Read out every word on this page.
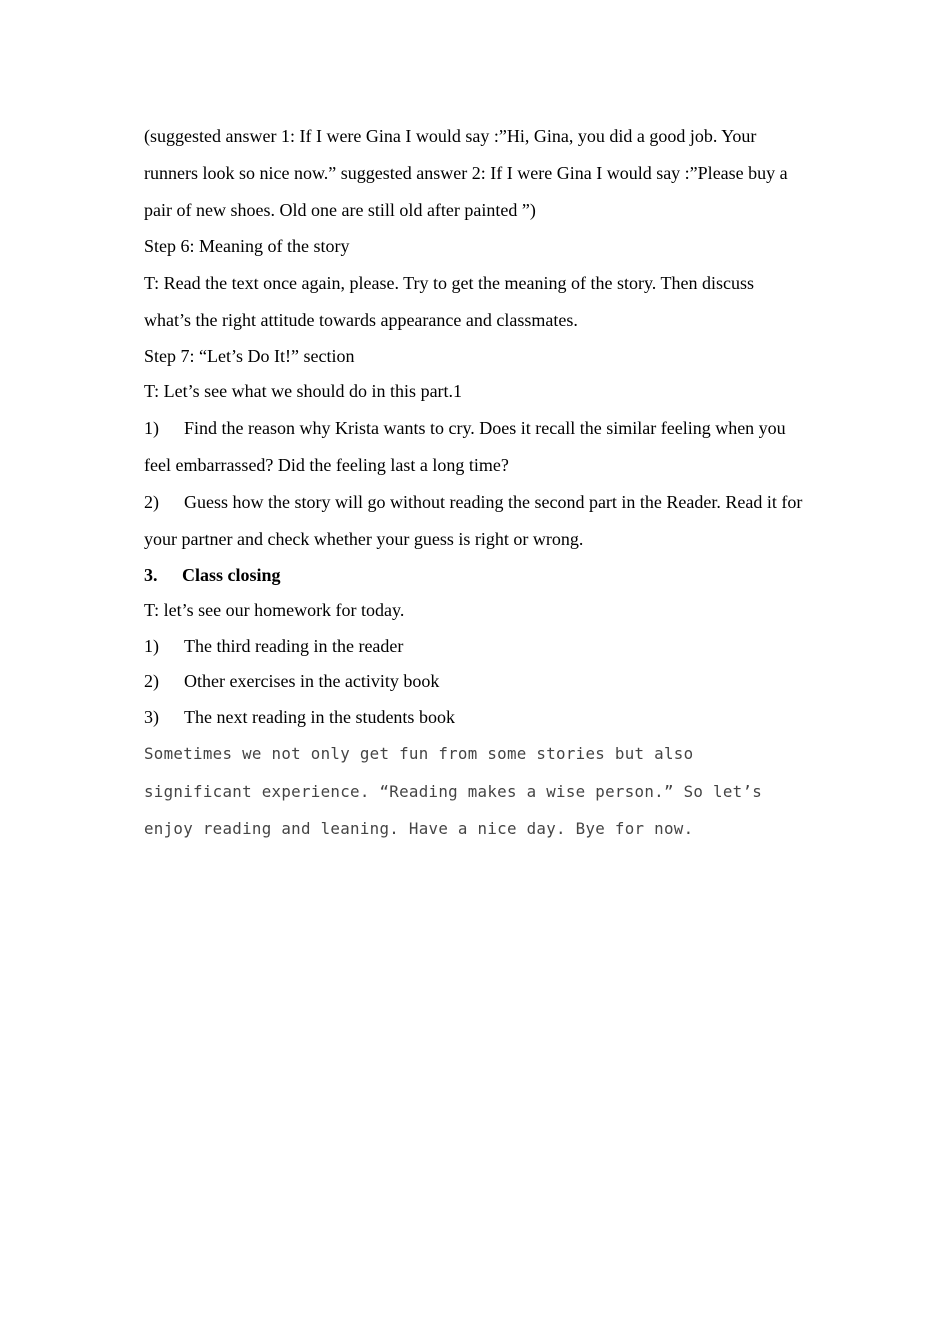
(suggested answer 1: If I were Gina I would say :”Hi, Gina, you did a good job. Your runners look so nice now.” suggested answer 2: If I were Gina I would say :”Please buy a pair of new shoes. Old one are still old after painted ”)

Step 6: Meaning of the story

T: Read the text once again, please. Try to get the meaning of the story. Then discuss what’s the right attitude towards appearance and classmates.

Step 7: “Let’s Do It!” section

T: Let’s see what we should do in this part.1

1) Find the reason why Krista wants to cry. Does it recall the similar feeling when you feel embarrassed? Did the feeling last a long time?

2) Guess how the story will go without reading the second part in the Reader. Read it for your partner and check whether your guess is right or wrong.

3. Class closing

T: let’s see our homework for today.

1) The third reading in the reader

2) Other exercises in the activity book

3) The next reading in the students book

Sometimes we not only get fun from some stories but also significant experience. “Reading makes a wise person.” So let’s enjoy reading and leaning. Have a nice day. Bye for now.
